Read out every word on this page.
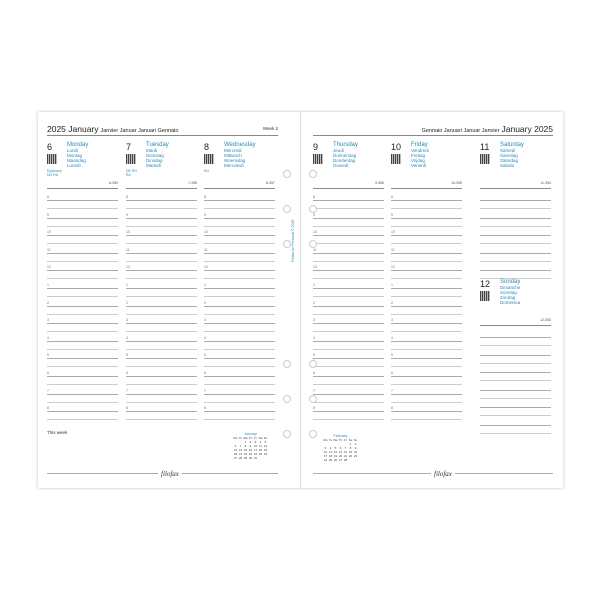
2025 January Janvier Januar Januari Gennaio	Week 2
This week	January
Mo	Tu	We	Th	Fr	Sa	Su
		1	2	3	4	5
6	7	8	9	10	11	12
13	14	15	16	17	18	19
20	21	22	23	24	25	26
27	28	29	30	31		
filofax
6 Monday
Lundi
Montag
Maandag
Lunedì
Epiphany NO RU
6-359
8
9
10
11
12
1
2
3
4
5
6
7
8
7 Tuesday
Mardi
Dienstag
Dinsdag
Martedì
DE RO RU
7-358
8
9
10
11
12
1
2
3
4
5
6
7
8
8 Wednesday
Mercredi
Mittwoch
Woensdag
Mercoledì
RU
8-357
8
9
10
11
12
1
2
3
4
5
6
7
8
Gennaio Januari Januar Janvier January 2025
Filofax for Personal © 2025
February
Mo	Tu	We	Th	Fr	Sa	Su
					1	2
3	4	5	6	7	8	9
10	11	12	13	14	15	16
17	18	19	20	21	22	23
24	25	26	27	28		
filofax
9 Thursday
Jeudi
Donnerstag
Donderdag
Giovedì
9-356
8
9
10
11
12
1
2
3
4
5
6
7
8
10 Friday
Vendredi
Freitag
Vrijdag
Venerdì
10-355
8
9
10
11
12
1
2
3
4
5
6
7
8
11 Saturday
Samedi
Samstag
Zaterdag
Sabato
11-354
12 Sunday
Dimanche
Sonntag
Zondag
Domenica
12-353
